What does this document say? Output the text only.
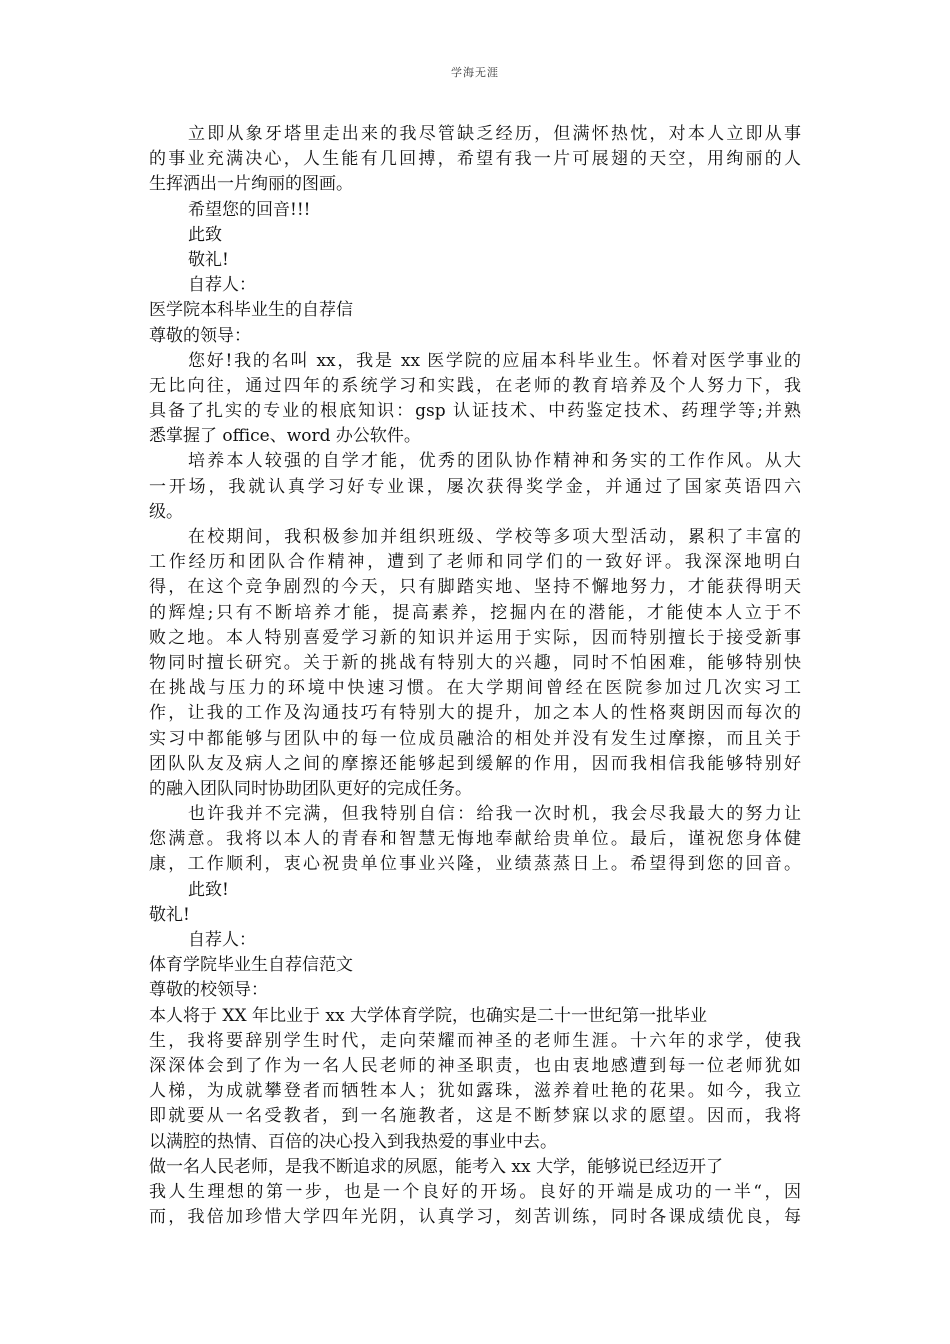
学海无涯
立即从象牙塔里走出来的我尽管缺乏经历，但满怀热忱，对本人立即从事
的事业充满决心，人生能有几回搏，希望有我一片可展翅的天空，用绚丽的人
生挥洒出一片绚丽的图画。
希望您的回音!!!
此致
敬礼!
自荐人：
医学院本科毕业生的自荐信
尊敬的领导：
您好!我的名叫 xx，我是 xx 医学院的应届本科毕业生。怀着对医学事业的
无比向往，通过四年的系统学习和实践，在老师的教育培养及个人努力下，我
具备了扎实的专业的根底知识：gsp 认证技术、中药鉴定技术、药理学等;并熟
悉掌握了 office、word 办公软件。
培养本人较强的自学才能，优秀的团队协作精神和务实的工作作风。从大
一开场，我就认真学习好专业课，屡次获得奖学金，并通过了国家英语四六
级。
在校期间，我积极参加并组织班级、学校等多项大型活动，累积了丰富的
工作经历和团队合作精神，遭到了老师和同学们的一致好评。我深深地明白
得，在这个竞争剧烈的今天，只有脚踏实地、坚持不懈地努力，才能获得明天
的辉煌;只有不断培养才能，提高素养，挖掘内在的潜能，才能使本人立于不
败之地。本人特别喜爱学习新的知识并运用于实际，因而特别擅长于接受新事
物同时擅长研究。关于新的挑战有特别大的兴趣，同时不怕困难，能够特别快
在挑战与压力的环境中快速习惯。在大学期间曾经在医院参加过几次实习工
作，让我的工作及沟通技巧有特别大的提升，加之本人的性格爽朗因而每次的
实习中都能够与团队中的每一位成员融洽的相处并没有发生过摩擦，而且关于
团队队友及病人之间的摩擦还能够起到缓解的作用，因而我相信我能够特别好
的融入团队同时协助团队更好的完成任务。
也许我并不完满，但我特别自信：给我一次时机，我会尽我最大的努力让
您满意。我将以本人的青春和智慧无悔地奉献给贵单位。最后，谨祝您身体健
康，工作顺利，衷心祝贵单位事业兴隆，业绩蒸蒸日上。希望得到您的回音。
此致!
敬礼!
自荐人：
体育学院毕业生自荐信范文
尊敬的校领导：
本人将于 XX 年比业于 xx 大学体育学院，也确实是二十一世纪第一批毕业
生，我将要辞别学生时代，走向荣耀而神圣的老师生涯。十六年的求学，使我
深深体会到了作为一名人民老师的神圣职责，也由衷地感遭到每一位老师犹如
人梯，为成就攀登者而牺牲本人；犹如露珠，滋养着吐艳的花果。如今，我立
即就要从一名受教者，到一名施教者，这是不断梦寐以求的愿望。因而，我将
以满腔的热情、百倍的决心投入到我热爱的事业中去。
做一名人民老师，是我不断追求的夙愿，能考入 xx 大学，能够说已经迈开了
我人生理想的第一步，也是一个良好的开场。良好的开端是成功的一半“，因
而，我倍加珍惜大学四年光阴，认真学习，刻苦训练，同时各课成绩优良，每
